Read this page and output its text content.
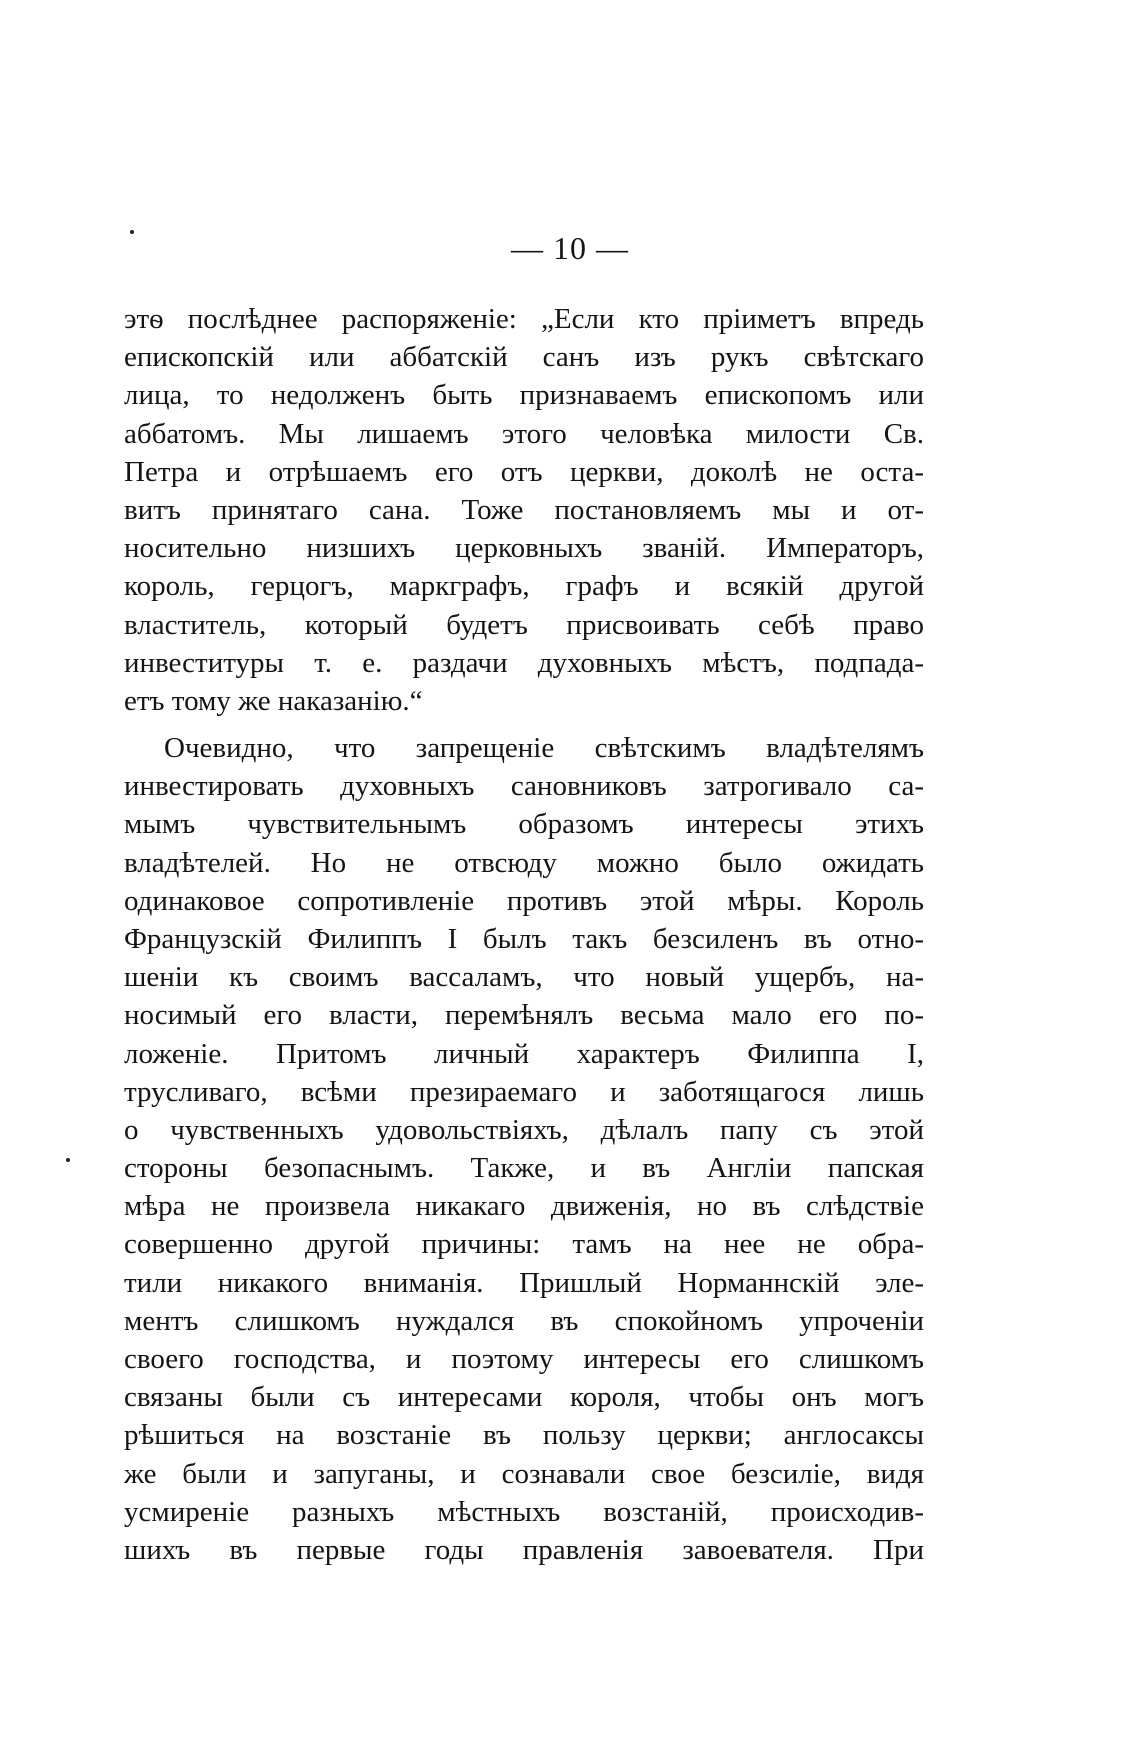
— 10 —
этѳ послѣднее распоряженіе: „Если кто пріиметъ впредь
епископскій или аббатскій санъ изъ рукъ свѣтскаго
лица, то недолженъ быть признаваемъ епископомъ или
аббатомъ. Мы лишаемъ этого человѣка милости Св.
Петра и отрѣшаемъ его отъ церкви, доколѣ не оста-
витъ принятаго сана. Тоже постановляемъ мы и от-
носительно низшихъ церковныхъ званій. Императоръ,
король, герцогъ, маркграфъ, графъ и всякій другой
властитель, который будетъ присвоивать себѣ право
инвеституры т. е. раздачи духовныхъ мѣстъ, подпада-
етъ тому же наказанію.“
Очевидно, что запрещеніе свѣтскимъ владѣтелямъ
инвестировать духовныхъ сановниковъ затрогивало са-
мымъ чувствительнымъ образомъ интересы этихъ
владѣтелей. Но не отвсюду можно было ожидать
одинаковое сопротивленіе противъ этой мѣры. Король
Французскій Филиппъ I былъ такъ безсиленъ въ отно-
шеніи къ своимъ вассаламъ, что новый ущербъ, на-
носимый его власти, перемѣнялъ весьма мало его по-
ложеніе. Притомъ личный характеръ Филиппа I,
трусливаго, всѣми презираемаго и заботящагося лишь
о чувственныхъ удовольствіяхъ, дѣлалъ папу съ этой
стороны безопаснымъ. Также, и въ Англіи папская
мѣра не произвела никакаго движенія, но въ слѣдствіе
совершенно другой причины: тамъ на нее не обра-
тили никакого вниманія. Пришлый Норманнскій эле-
ментъ слишкомъ нуждался въ спокойномъ упроченіи
своего господства, и поэтому интересы его слишкомъ
связаны были съ интересами короля, чтобы онъ могъ
рѣшиться на возстаніе въ пользу церкви; англосаксы
же были и запуганы, и сознавали свое безсиліе, видя
усмиреніе разныхъ мѣстныхъ возстаній, происходив-
шихъ въ первые годы правленія завоевателя. При
